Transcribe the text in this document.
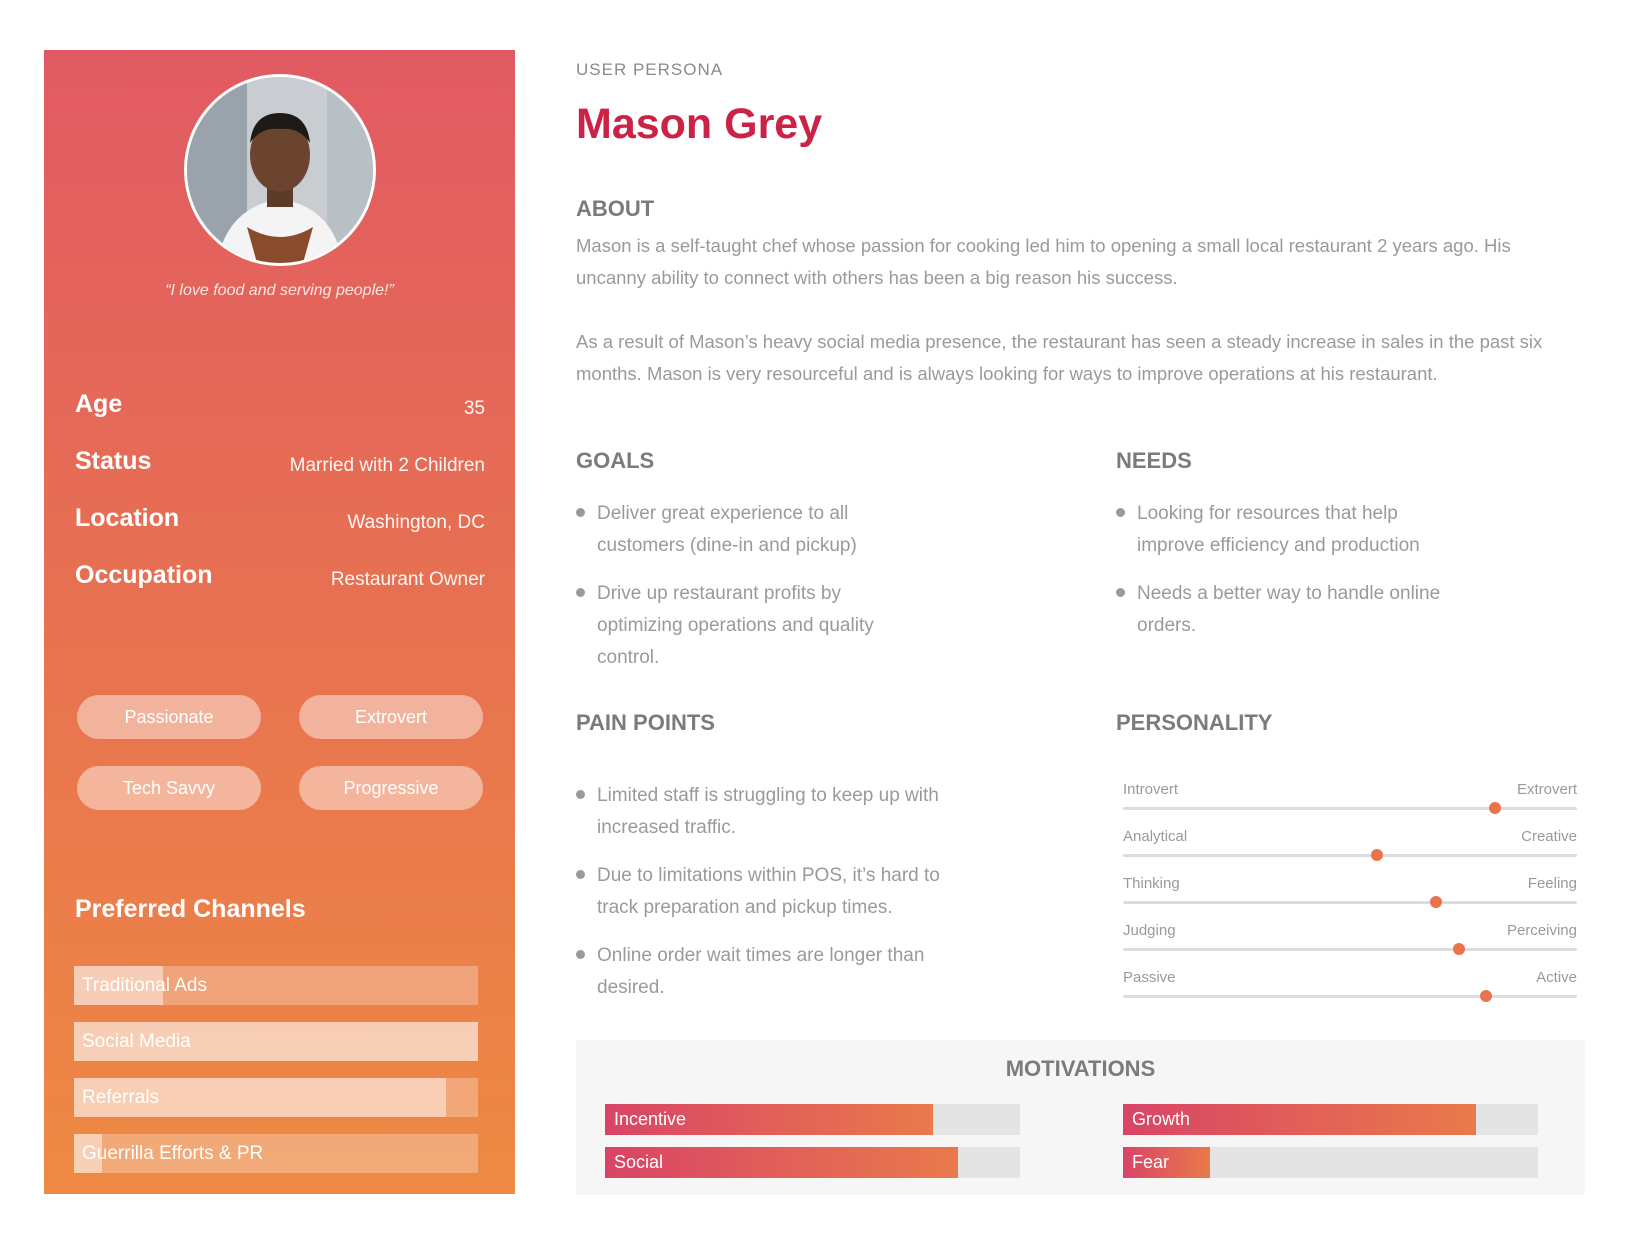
“I love food and serving people!”
Age	35
Status	Married with 2 Children
Location	Washington, DC
Occupation	Restaurant Owner
Passionate	Extrovert
Tech Savvy	Progressive
Preferred Channels
Traditional Ads
Social Media
Referrals
Guerrilla Efforts & PR
USER PERSONA
Mason Grey
ABOUT
Mason is a self-taught chef whose passion for cooking led him to opening a small local restaurant 2 years ago. His uncanny ability to connect with others has been a big reason his success.
As a result of Mason’s heavy social media presence, the restaurant has seen a steady increase in sales in the past six months. Mason is very resourceful and is always looking for ways to improve operations at his restaurant.
GOALS
Deliver great experience to all customers (dine-in and pickup)
Drive up restaurant profits by optimizing operations and quality control.
NEEDS
Looking for resources that help improve efficiency and production
Needs a better way to handle online orders.
PAIN POINTS
Limited staff is struggling to keep up with increased traffic.
Due to limitations within POS, it’s hard to track preparation and pickup times.
Online order wait times are longer than desired.
PERSONALITY
Introvert	Extrovert
Analytical	Creative
Thinking	Feeling
Judging	Perceiving
Passive	Active
MOTIVATIONS
Incentive	Growth
Social	Fear
